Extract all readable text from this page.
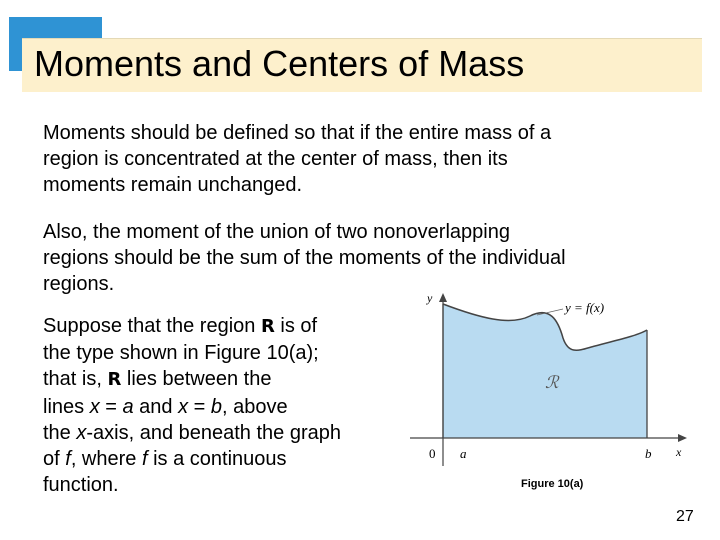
Moments and Centers of Mass
Moments should be defined so that if the entire mass of a
region is concentrated at the center of mass, then its
moments remain unchanged.
Also, the moment of the union of two nonoverlapping
regions should be the sum of the moments of the individual
regions.
Suppose that the region R is of
the type shown in Figure 10(a);
that is, R lies between the
lines x = a and x = b, above
the x-axis, and beneath the graph
of f, where f is a continuous
function.
y
x
y = f(x)
ℛ
0 a	b

Figure 10(a)

27
